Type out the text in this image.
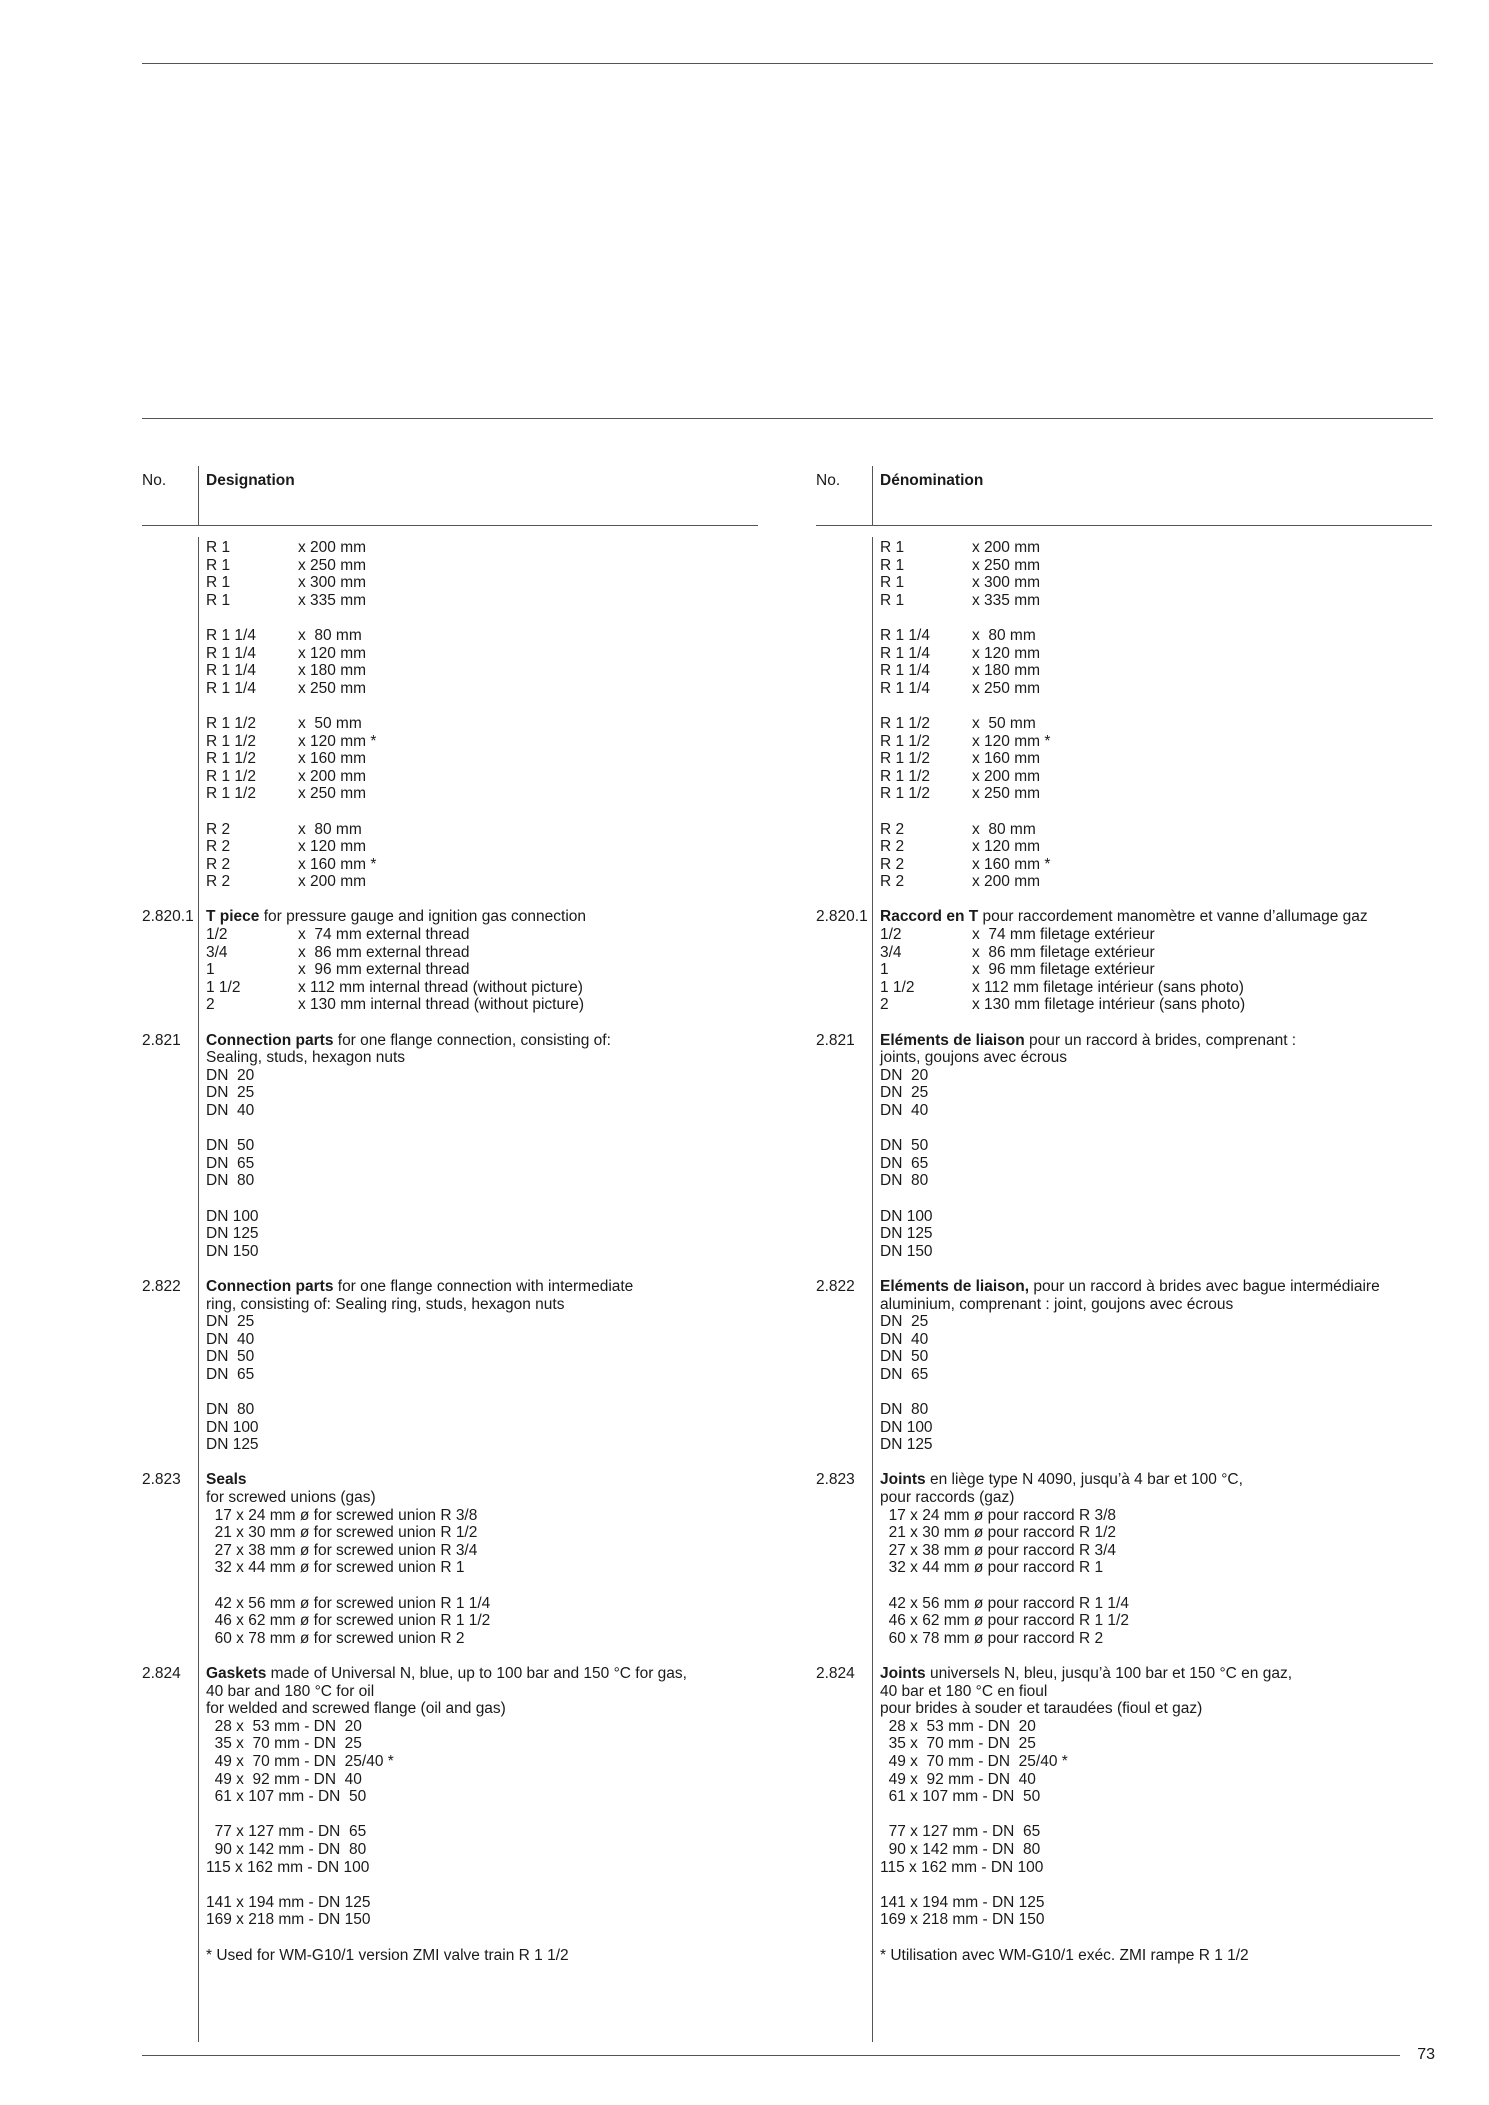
No.	Designation
R 1	x 200 mm
R 1	x 250 mm
R 1	x 300 mm
R 1	x 335 mm
R 1 1/4	x  80 mm
R 1 1/4	x 120 mm
R 1 1/4	x 180 mm
R 1 1/4	x 250 mm
R 1 1/2	x  50 mm
R 1 1/2	x 120 mm *
R 1 1/2	x 160 mm
R 1 1/2	x 200 mm
R 1 1/2	x 250 mm
R 2	x  80 mm
R 2	x 120 mm
R 2	x 160 mm *
R 2	x 200 mm
2.820.1 T piece for pressure gauge and ignition gas connection
1/2	x  74 mm external thread
3/4	x  86 mm external thread
1	x  96 mm external thread
1 1/2	x 112 mm internal thread (without picture)
2	x 130 mm internal thread (without picture)
2.821 Connection parts for one flange connection, consisting of:
Sealing, studs, hexagon nuts
DN  20
DN  25
DN  40
DN  50
DN  65
DN  80
DN 100
DN 125
DN 150
2.822 Connection parts for one flange connection with intermediate
ring, consisting of: Sealing ring, studs, hexagon nuts
DN  25
DN  40
DN  50
DN  65
DN  80
DN 100
DN 125
2.823 Seals
for screwed unions (gas)
17 x 24 mm ø for screwed union R 3/8
21 x 30 mm ø for screwed union R 1/2
27 x 38 mm ø for screwed union R 3/4
32 x 44 mm ø for screwed union R 1
42 x 56 mm ø for screwed union R 1 1/4
46 x 62 mm ø for screwed union R 1 1/2
60 x 78 mm ø for screwed union R 2
2.824 Gaskets made of Universal N, blue, up to 100 bar and 150 °C for gas,
40 bar and 180 °C for oil
for welded and screwed flange (oil and gas)
28 x  53 mm - DN  20
35 x  70 mm - DN  25
49 x  70 mm - DN  25/40 *
49 x  92 mm - DN  40
61 x 107 mm - DN  50
77 x 127 mm - DN  65
90 x 142 mm - DN  80
115 x 162 mm - DN 100
141 x 194 mm - DN 125
169 x 218 mm - DN 150
* Used for WM-G10/1 version ZMI valve train R 1 1/2
No.	Dénomination
R 1	x 200 mm
R 1	x 250 mm
R 1	x 300 mm
R 1	x 335 mm
R 1 1/4	x  80 mm
R 1 1/4	x 120 mm
R 1 1/4	x 180 mm
R 1 1/4	x 250 mm
R 1 1/2	x  50 mm
R 1 1/2	x 120 mm *
R 1 1/2	x 160 mm
R 1 1/2	x 200 mm
R 1 1/2	x 250 mm
R 2	x  80 mm
R 2	x 120 mm
R 2	x 160 mm *
R 2	x 200 mm
2.820.1 Raccord en T pour raccordement manomètre et vanne d’allumage gaz
1/2	x  74 mm filetage extérieur
3/4	x  86 mm filetage extérieur
1	x  96 mm filetage extérieur
1 1/2	x 112 mm filetage intérieur (sans photo)
2	x 130 mm filetage intérieur (sans photo)
2.821 Eléments de liaison pour un raccord à brides, comprenant :
joints, goujons avec écrous
DN  20
DN  25
DN  40
DN  50
DN  65
DN  80
DN 100
DN 125
DN 150
2.822 Eléments de liaison, pour un raccord à brides avec bague intermédiaire
aluminium, comprenant : joint, goujons avec écrous
DN  25
DN  40
DN  50
DN  65
DN  80
DN 100
DN 125
2.823 Joints en liège type N 4090, jusqu’à 4 bar et 100 °C,
pour raccords (gaz)
17 x 24 mm ø pour raccord R 3/8
21 x 30 mm ø pour raccord R 1/2
27 x 38 mm ø pour raccord R 3/4
32 x 44 mm ø pour raccord R 1
42 x 56 mm ø pour raccord R 1 1/4
46 x 62 mm ø pour raccord R 1 1/2
60 x 78 mm ø pour raccord R 2
2.824 Joints universels N, bleu, jusqu’à 100 bar et 150 °C en gaz,
40 bar et 180 °C en fioul
pour brides à souder et taraudées (fioul et gaz)
28 x  53 mm - DN  20
35 x  70 mm - DN  25
49 x  70 mm - DN  25/40 *
49 x  92 mm - DN  40
61 x 107 mm - DN  50
77 x 127 mm - DN  65
90 x 142 mm - DN  80
115 x 162 mm - DN 100
141 x 194 mm - DN 125
169 x 218 mm - DN 150
* Utilisation avec WM-G10/1 exéc. ZMI rampe R 1 1/2
73
